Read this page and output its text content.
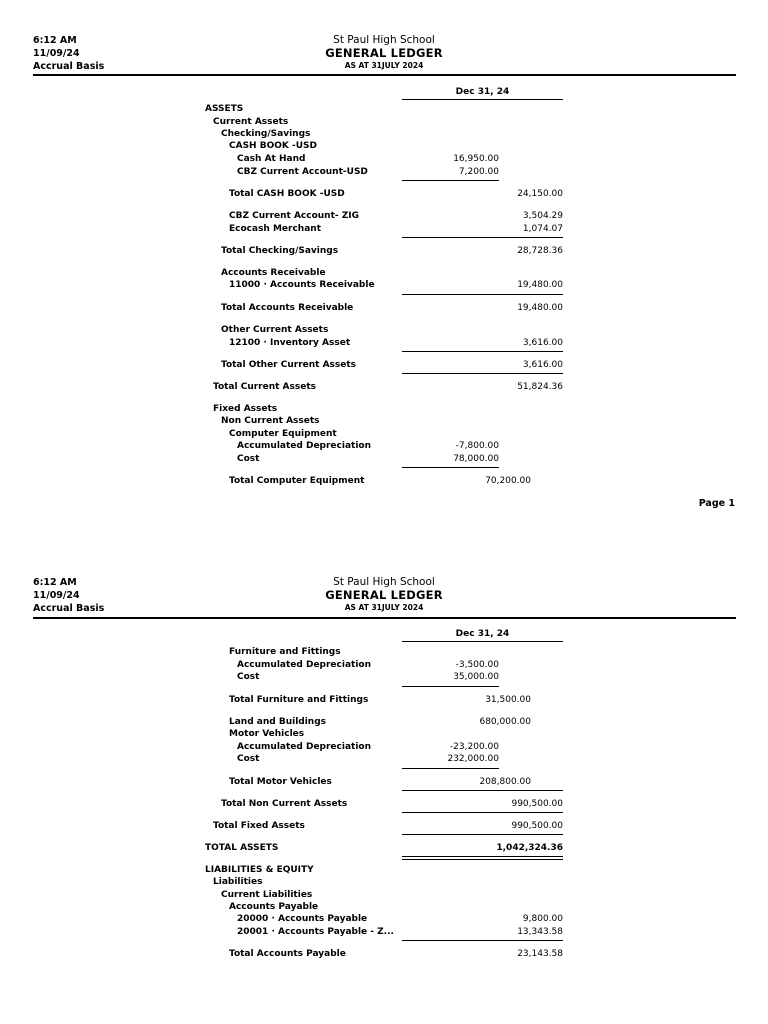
6:12 AM
11/09/24
Accrual Basis
St Paul High School
GENERAL LEDGER
AS AT 31JULY 2024
Dec 31, 24
ASSETS
Current Assets
Checking/Savings
CASH BOOK -USD
Cash At Hand	16,950.00
CBZ Current Account-USD	7,200.00
Total CASH BOOK -USD	24,150.00
CBZ Current Account- ZIG	3,504.29
Ecocash Merchant	1,074.07
Total Checking/Savings	28,728.36
Accounts Receivable
11000 · Accounts Receivable	19,480.00
Total Accounts Receivable	19,480.00
Other Current Assets
12100 · Inventory Asset	3,616.00
Total Other Current Assets	3,616.00
Total Current Assets	51,824.36
Fixed Assets
Non Current Assets
Computer Equipment
Accumulated Depreciation	-7,800.00
Cost	78,000.00
Total Computer Equipment	70,200.00
Page 1
6:12 AM
11/09/24
Accrual Basis
St Paul High School
GENERAL LEDGER
AS AT 31JULY 2024
Dec 31, 24
Furniture and Fittings
Accumulated Depreciation	-3,500.00
Cost	35,000.00
Total Furniture and Fittings	31,500.00
Land and Buildings	680,000.00
Motor Vehicles
Accumulated Depreciation	-23,200.00
Cost	232,000.00
Total Motor Vehicles	208,800.00
Total Non Current Assets	990,500.00
Total Fixed Assets	990,500.00
TOTAL ASSETS	1,042,324.36
LIABILITIES & EQUITY
Liabilities
Current Liabilities
Accounts Payable
20000 · Accounts Payable	9,800.00
20001 · Accounts Payable - Z...	13,343.58
Total Accounts Payable	23,143.58
